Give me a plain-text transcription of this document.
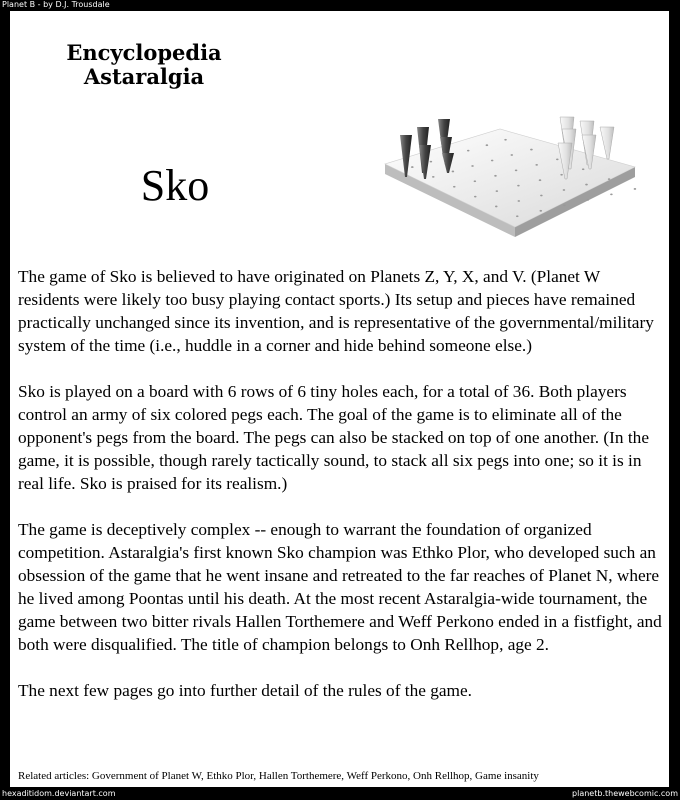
Planet B - by D.J. Trousdale
Encyclopedia
Astaralgia
Sko

The game of Sko is believed to have originated on Planets Z, Y, X, and V. (Planet W residents were likely too busy playing contact sports.) Its setup and pieces have remained practically unchanged since its invention, and is representative of the governmental/military system of the time (i.e., huddle in a corner and hide behind someone else.)

Sko is played on a board with 6 rows of 6 tiny holes each, for a total of 36. Both players control an army of six colored pegs each. The goal of the game is to eliminate all of the opponent's pegs from the board. The pegs can also be stacked on top of one another. (In the game, it is possible, though rarely tactically sound, to stack all six pegs into one; so it is in real life. Sko is praised for its realism.)

The game is deceptively complex -- enough to warrant the foundation of organized competition. Astaralgia's first known Sko champion was Ethko Plor, who developed such an obsession of the game that he went insane and retreated to the far reaches of Planet N, where he lived among Poontas until his death. At the most recent Astaralgia-wide tournament, the game between two bitter rivals Hallen Torthemere and Weff Perkono ended in a fistfight, and both were disqualified. The title of champion belongs to Onh Rellhop, age 2.

The next few pages go into further detail of the rules of the game.

Related articles: Government of Planet W, Ethko Plor, Hallen Torthemere, Weff Perkono, Onh Rellhop, Game insanity
hexaditidom.deviantart.com	planetb.thewebcomic.com
